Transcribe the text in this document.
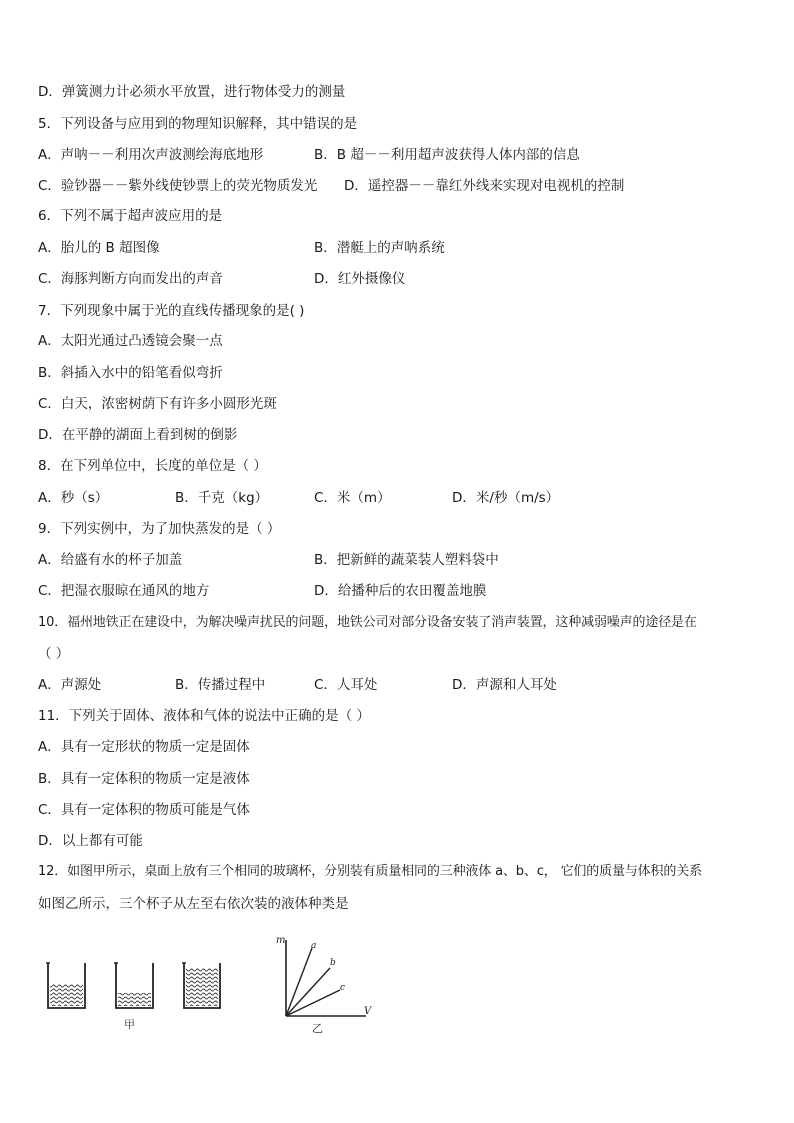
D．弹簧测力计必须水平放置，进行物体受力的测量
5．下列设备与应用到的物理知识解释，其中错误的是
A．声呐－－利用次声波测绘海底地形	B．B 超－－利用超声波获得人体内部的信息
C．验钞器－－紫外线使钞票上的荧光物质发光 D．遥控器－－靠红外线来实现对电视机的控制
6．下列不属于超声波应用的是
A．胎儿的 B 超图像	B．潜艇上的声呐系统
C．海豚判断方向而发出的声音	D．红外摄像仪
7．下列现象中属于光的直线传播现象的是( )
A．太阳光通过凸透镜会聚一点
B．斜插入水中的铅笔看似弯折
C．白天，浓密树荫下有许多小圆形光斑
D．在平静的湖面上看到树的倒影
8．在下列单位中，长度的单位是（ ）
A．秒（s）	B．千克（kg）	C．米（m）	D．米/秒（m/s）
9．下列实例中，为了加快蒸发的是（ ）
A．给盛有水的杯子加盖	B．把新鲜的蔬菜装人塑料袋中
C．把湿衣服晾在通风的地方	D．给播种后的农田覆盖地膜
10．福州地铁正在建设中，为解决噪声扰民的问题，地铁公司对部分设备安装了消声装置，这种减弱噪声的途径是在
（ ）
A．声源处	B．传播过程中	C．人耳处	D．声源和人耳处
11．下列关于固体、液体和气体的说法中正确的是（ ）
A．具有一定形状的物质一定是固体
B．具有一定体积的物质一定是液体
C．具有一定体积的物质可能是气体
D．以上都有可能
12．如图甲所示，桌面上放有三个相同的玻璃杯，分别装有质量相同的三种液体 a、b、c， 它们的质量与体积的关系
如图乙所示，三个杯子从左至右依次装的液体种类是
甲
m
V
a
b
c
乙
